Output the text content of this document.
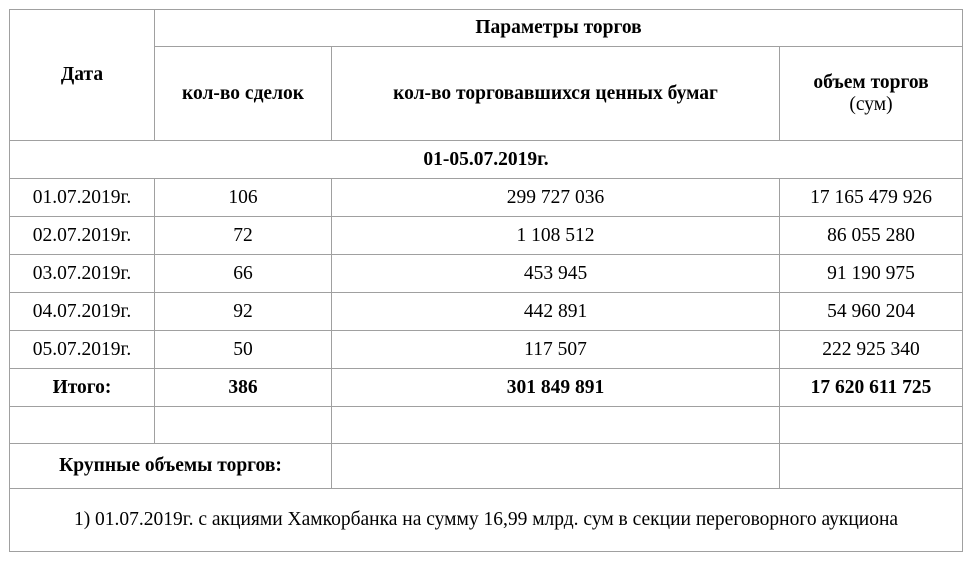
Дата	Параметры торгов		
	кол-во сделок	кол-во торговавшихся ценных бумаг	объем торгов
(сум)

01-05.07.2019г.			
01.07.2019г.	106	299 727 036	17 165 479 926
02.07.2019г.	72	1 108 512	86 055 280
03.07.2019г.	66	453 945	91 190 975
04.07.2019г.	92	442 891	54 960 204
05.07.2019г.	50	117 507	222 925 340
Итого:	386	301 849 891	17 620 611 725

Крупные объемы торгов:			
1) 01.07.2019г. с акциями Хамкорбанка на сумму 16,99 млрд. сум в секции переговорного аукциона			
